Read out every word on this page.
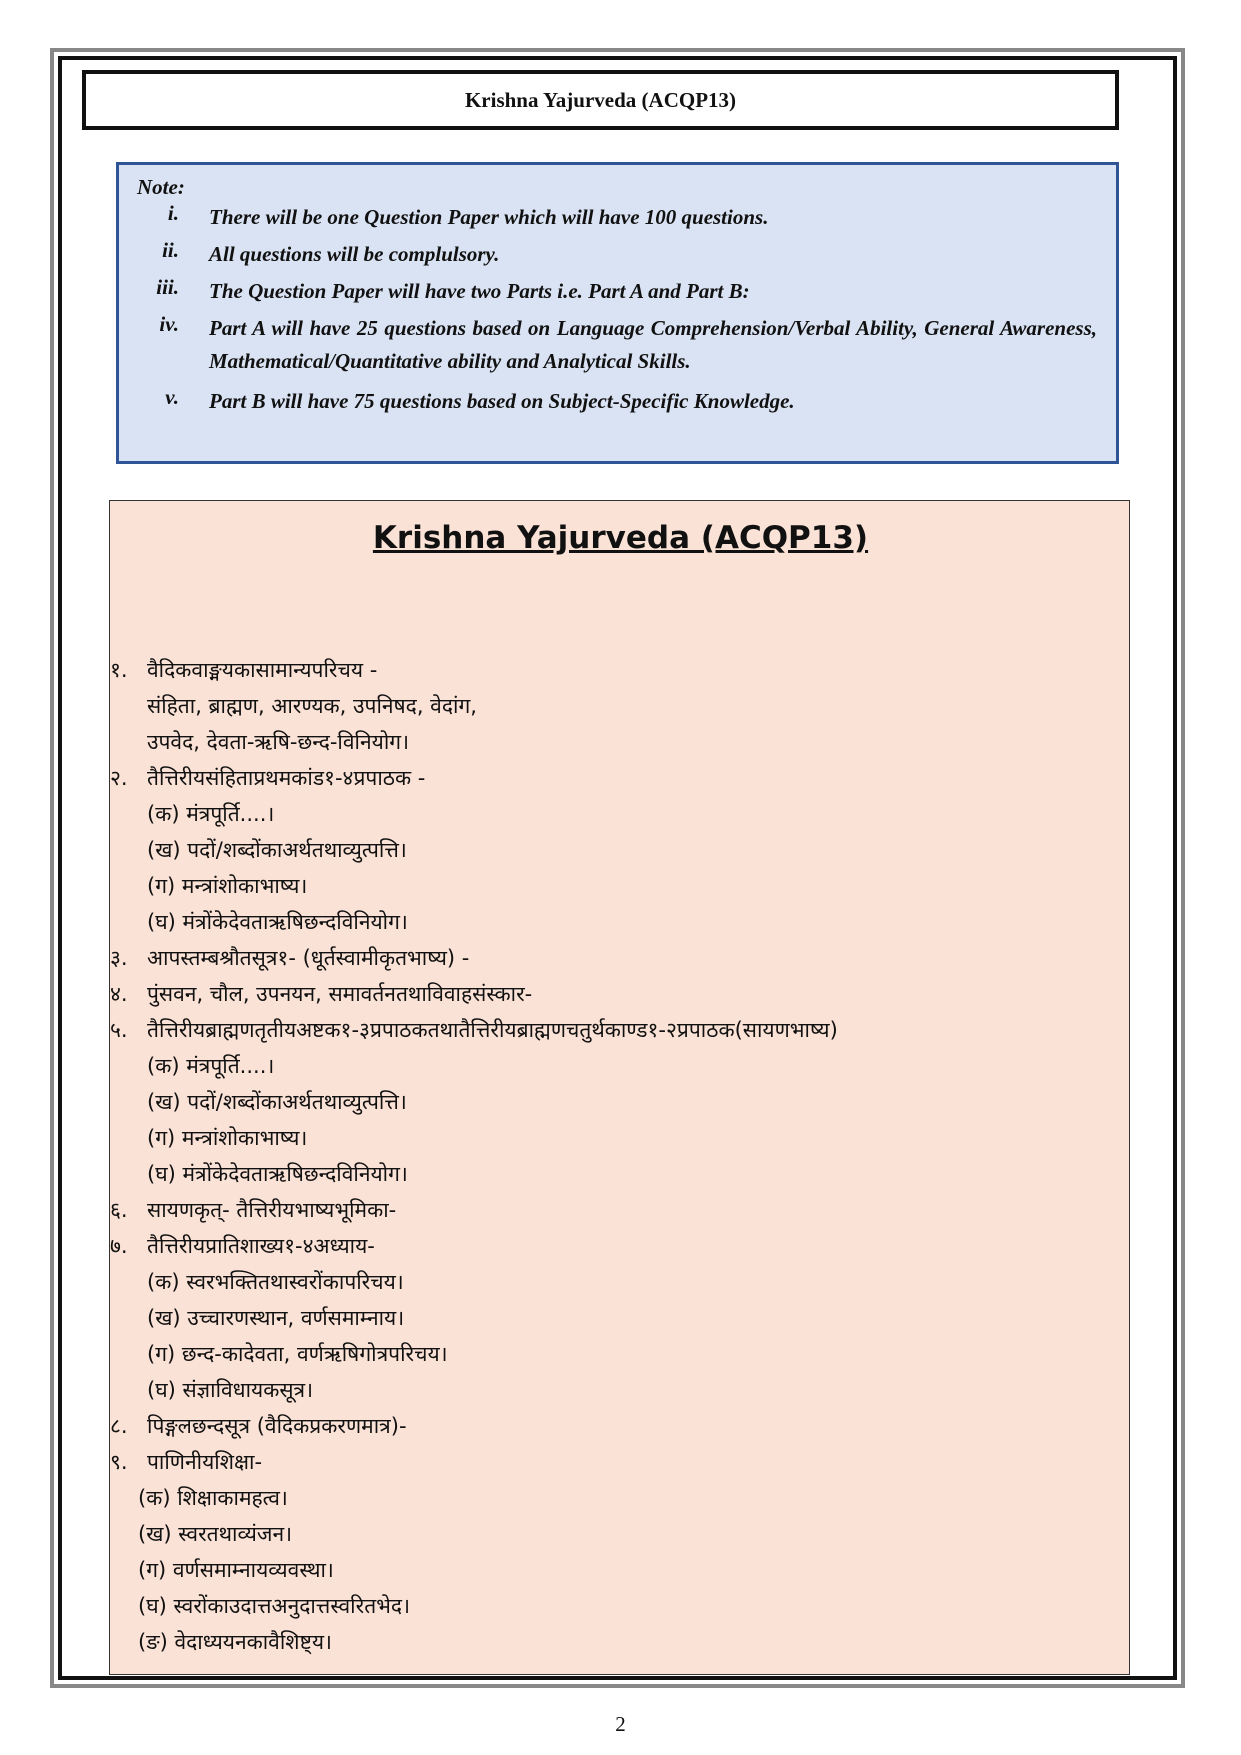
Krishna Yajurveda (ACQP13)
Note:
i. There will be one Question Paper which will have 100 questions.
ii. All questions will be complulsory.
iii. The Question Paper will have two Parts i.e. Part A and Part B:
iv. Part A will have 25 questions based on Language Comprehension/Verbal Ability, General Awareness, Mathematical/Quantitative ability and Analytical Skills.
v. Part B will have 75 questions based on Subject-Specific Knowledge.
Krishna Yajurveda (ACQP13)
१. वैदिकवाङ्मयकासामान्यपरिचय -
संहिता, ब्राह्मण, आरण्यक, उपनिषद, वेदांग,
उपवेद, देवता-ऋषि-छन्द-विनियोग।
२. तैत्तिरीयसंहिताप्रथमकांड१-४प्रपाठक -
(क) मंत्रपूर्ति....।
(ख) पदों/शब्दोंकाअर्थतथाव्युत्पत्ति।
(ग) मन्त्रांशोकाभाष्य।
(घ) मंत्रोंकेदेवताऋषिछन्दविनियोग।
३. आपस्तम्बश्रौतसूत्र१- (धूर्तस्वामीकृतभाष्य) -
४. पुंसवन, चौल, उपनयन, समावर्तनतथाविवाहसंस्कार-
५. तैत्तिरीयब्राह्मणतृतीयअष्टक१-३प्रपाठकतथातैत्तिरीयब्राह्मणचतुर्थकाण्ड१-२प्रपाठक(सायणभाष्य)
(क) मंत्रपूर्ति....।
(ख) पदों/शब्दोंकाअर्थतथाव्युत्पत्ति।
(ग) मन्त्रांशोकाभाष्य।
(घ) मंत्रोंकेदेवताऋषिछन्दविनियोग।
६. सायणकृत्- तैत्तिरीयभाष्यभूमिका-
७. तैत्तिरीयप्रातिशाख्य१-४अध्याय-
(क) स्वरभक्तितथास्वरोंकापरिचय।
(ख) उच्चारणस्थान, वर्णसमाम्नाय।
(ग) छन्द-कादेवता, वर्णऋषिगोत्रपरिचय।
(घ) संज्ञाविधायकसूत्र।
८. पिङ्गलछन्दसूत्र (वैदिकप्रकरणमात्र)-
९. पाणिनीयशिक्षा-
(क) शिक्षाकामहत्व।
(ख) स्वरतथाव्यंजन।
(ग) वर्णसमाम्नायव्यवस्था।
(घ) स्वरोंकाउदात्तअनुदात्तस्वरितभेद।
(ङ) वेदाध्ययनकावैशिष्ट्य।
2
